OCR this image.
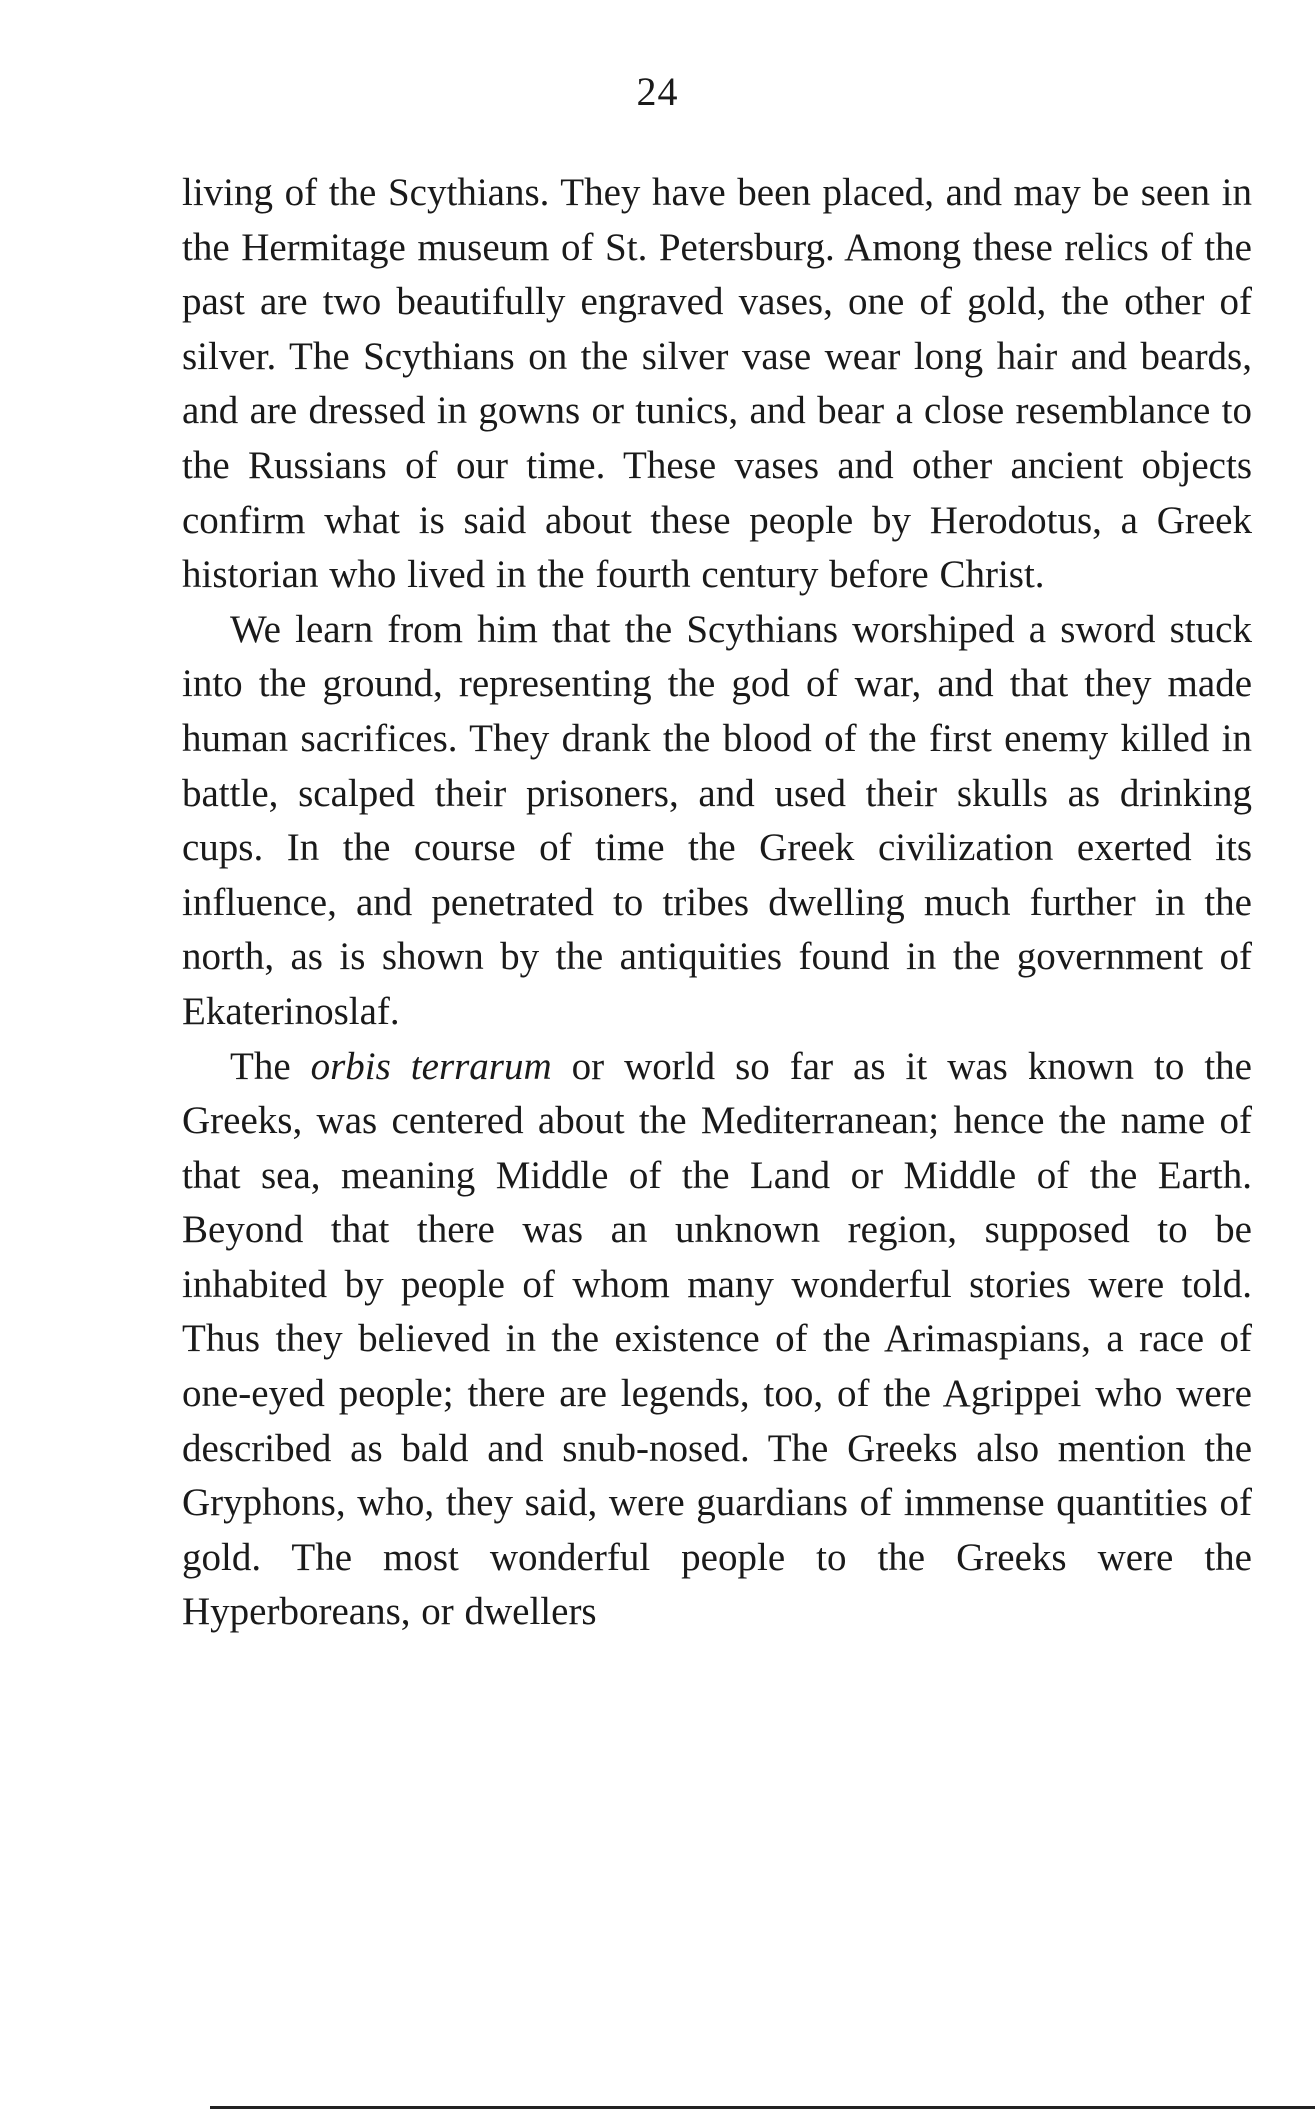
24

living of the Scythians. They have been placed, and may be seen in the Hermitage museum of St. Petersburg. Among these relics of the past are two beautifully engraved vases, one of gold, the other of silver. The Scythians on the silver vase wear long hair and beards, and are dressed in gowns or tunics, and bear a close resemblance to the Russians of our time. These vases and other ancient objects confirm what is said about these people by Herodotus, a Greek historian who lived in the fourth century before Christ.

We learn from him that the Scythians worshiped a sword stuck into the ground, representing the god of war, and that they made human sacrifices. They drank the blood of the first enemy killed in battle, scalped their prisoners, and used their skulls as drinking cups. In the course of time the Greek civilization exerted its influence, and penetrated to tribes dwelling much further in the north, as is shown by the antiquities found in the government of Ekaterinoslaf.

The orbis terrarum or world so far as it was known to the Greeks, was centered about the Mediterranean; hence the name of that sea, meaning Middle of the Land or Middle of the Earth. Beyond that there was an unknown region, supposed to be inhabited by people of whom many wonderful stories were told. Thus they believed in the existence of the Arimaspians, a race of one-eyed people; there are legends, too, of the Agrippei who were described as bald and snub-nosed. The Greeks also mention the Gryphons, who, they said, were guardians of immense quantities of gold. The most wonderful people to the Greeks were the Hyperboreans, or dwellers
